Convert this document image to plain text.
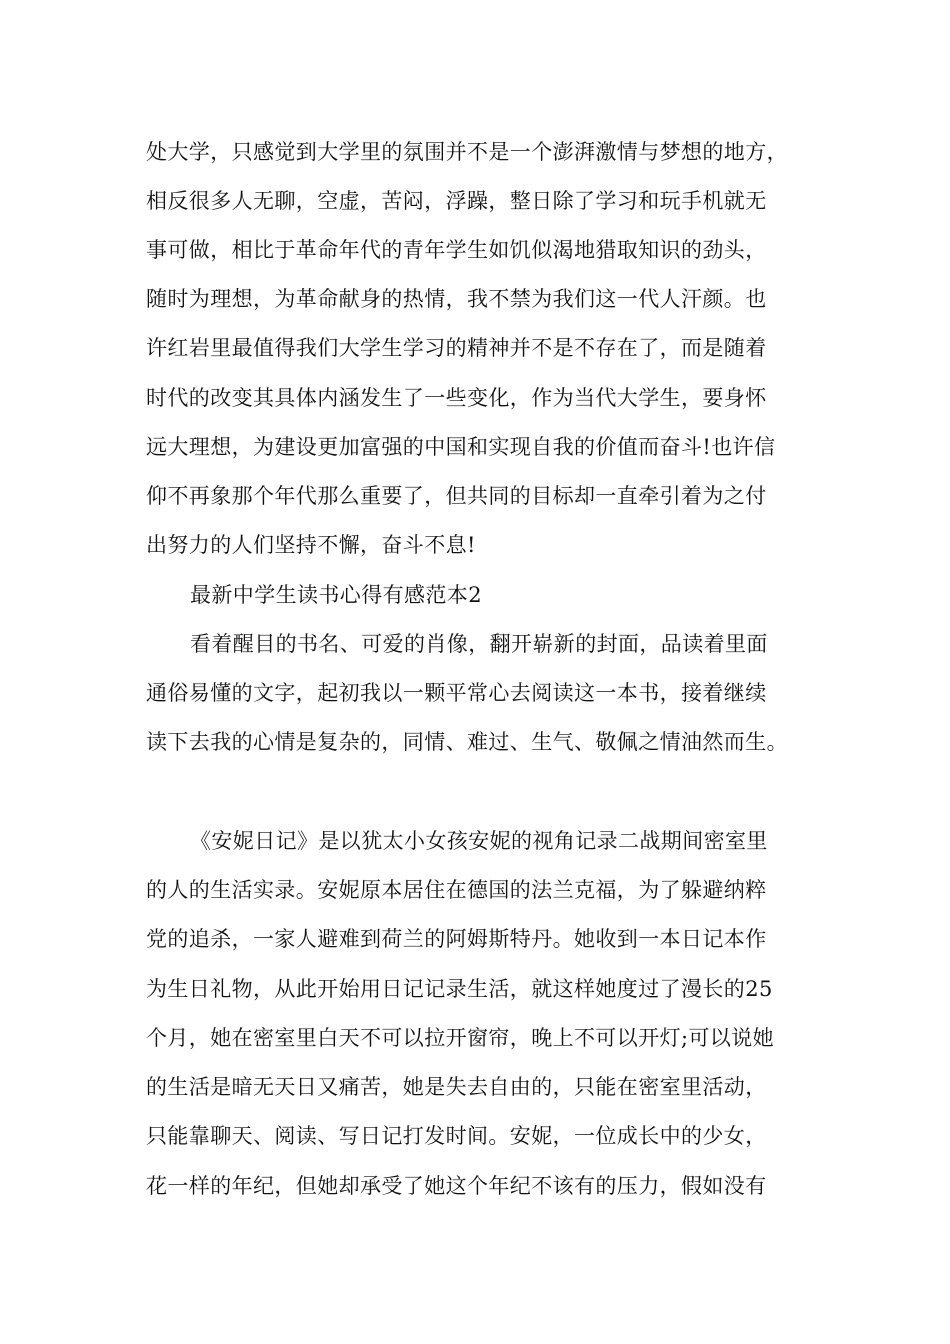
处大学，只感觉到大学里的氛围并不是一个澎湃激情与梦想的地方，
相反很多人无聊，空虚，苦闷，浮躁，整日除了学习和玩手机就无
事可做，相比于革命年代的青年学生如饥似渴地猎取知识的劲头，
随时为理想，为革命献身的热情，我不禁为我们这一代人汗颜。也
许红岩里最值得我们大学生学习的精神并不是不存在了，而是随着
时代的改变其具体内涵发生了一些变化，作为当代大学生，要身怀
远大理想，为建设更加富强的中国和实现自我的价值而奋斗!也许信
仰不再象那个年代那么重要了，但共同的目标却一直牵引着为之付
出努力的人们坚持不懈，奋斗不息!
最新中学生读书心得有感范本2
看着醒目的书名、可爱的肖像，翻开崭新的封面，品读着里面
通俗易懂的文字，起初我以一颗平常心去阅读这一本书，接着继续
读下去我的心情是复杂的，同情、难过、生气、敬佩之情油然而生。
《安妮日记》是以犹太小女孩安妮的视角记录二战期间密室里
的人的生活实录。安妮原本居住在德国的法兰克福，为了躲避纳粹
党的追杀，一家人避难到荷兰的阿姆斯特丹。她收到一本日记本作
为生日礼物，从此开始用日记记录生活，就这样她度过了漫长的25
个月，她在密室里白天不可以拉开窗帘，晚上不可以开灯;可以说她
的生活是暗无天日又痛苦，她是失去自由的，只能在密室里活动，
只能靠聊天、阅读、写日记打发时间。安妮，一位成长中的少女，
花一样的年纪，但她却承受了她这个年纪不该有的压力，假如没有
